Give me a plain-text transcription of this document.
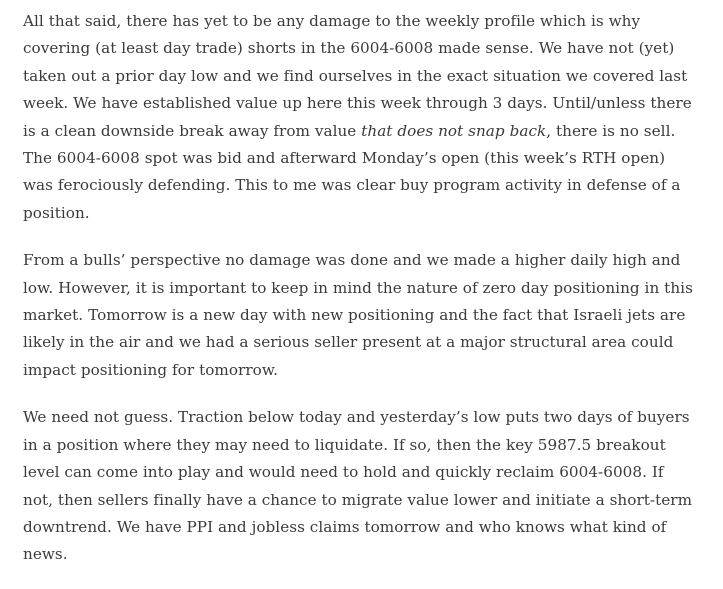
All that said, there has yet to be any damage to the weekly profile which is why covering (at least day trade) shorts in the 6004-6008 made sense. We have not (yet) taken out a prior day low and we find ourselves in the exact situation we covered last week. We have established value up here this week through 3 days. Until/unless there is a clean downside break away from value that does not snap back, there is no sell. The 6004-6008 spot was bid and afterward Monday’s open (this week’s RTH open) was ferociously defending. This to me was clear buy program activity in defense of a position.

From a bulls’ perspective no damage was done and we made a higher daily high and low. However, it is important to keep in mind the nature of zero day positioning in this market. Tomorrow is a new day with new positioning and the fact that Israeli jets are likely in the air and we had a serious seller present at a major structural area could impact positioning for tomorrow.

We need not guess. Traction below today and yesterday’s low puts two days of buyers in a position where they may need to liquidate. If so, then the key 5987.5 breakout level can come into play and would need to hold and quickly reclaim 6004-6008. If not, then sellers finally have a chance to migrate value lower and initiate a short-term downtrend. We have PPI and jobless claims tomorrow and who knows what kind of news.
